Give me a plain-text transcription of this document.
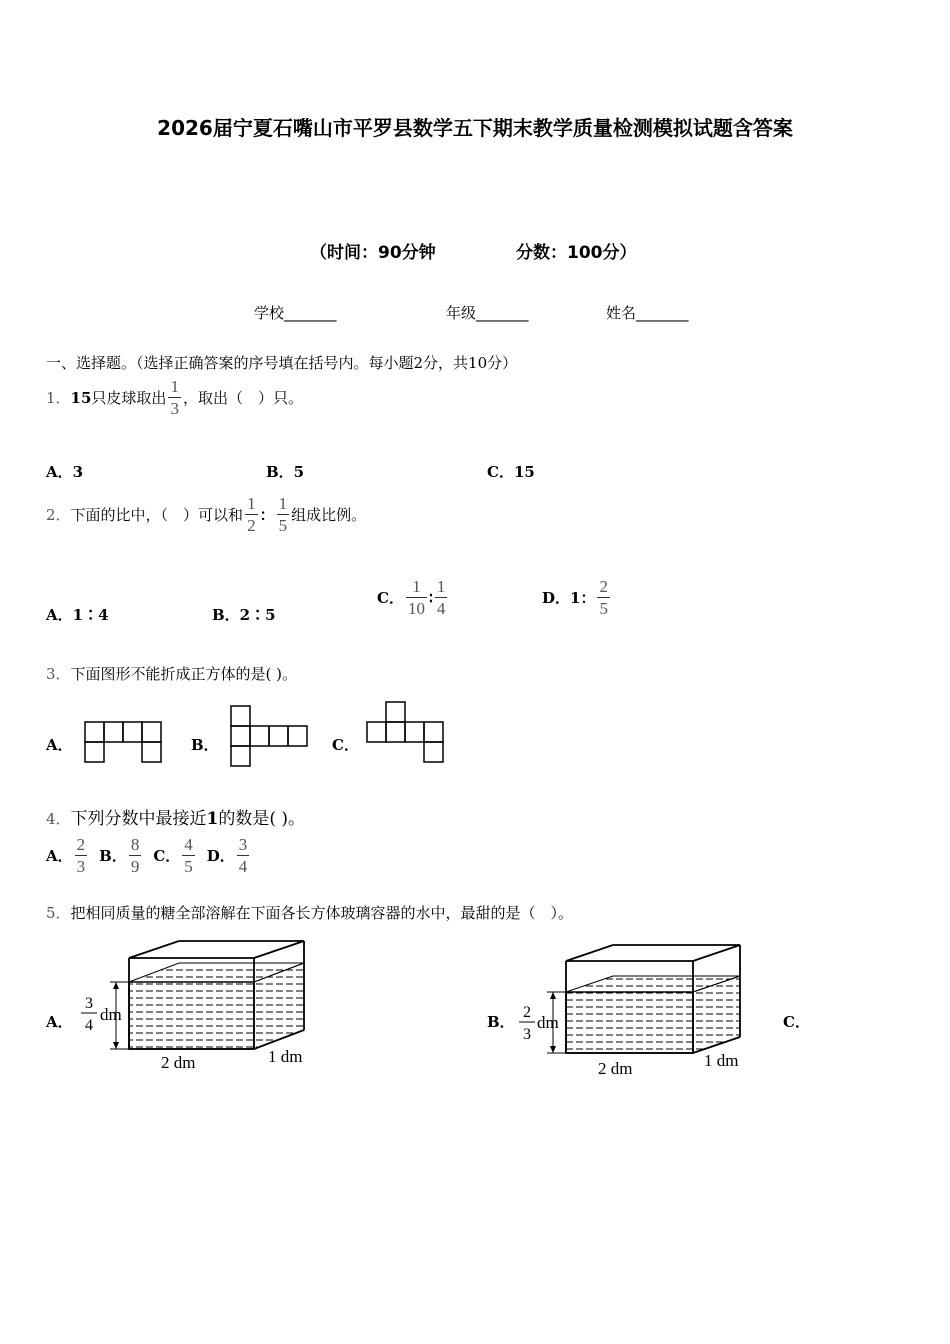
2026届宁夏石嘴山市平罗县数学五下期末教学质量检测模拟试题含答案
（时间：90分钟	分数：100分）
学校_______	年级_______	姓名_______
一、选择题。（选择正确答案的序号填在括号内。每小题2分，共10分）
1． 15 只皮球取出 $\frac{1}{3}$ ，取出（　）只。
A．3	B．5	C．15
2． 下面的比中，（　）可以和 $\frac{1}{2}$ ： $\frac{1}{5}$ 组成比例。
A．1∶4	B．2∶5
C． $\frac{1}{10}$ ∶ $\frac{1}{4}$	D．1： $\frac{2}{5}$
3．下面图形不能折成正方体的是( )。
A．	B．	C．
4．下列分数中最接近1的数是( )。
A． $\frac{2}{3}$ B． $\frac{8}{9}$ C． $\frac{4}{5}$ D． $\frac{3}{4}$
5．把相同质量的糖全部溶解在下面各长方体玻璃容器的水中，最甜的是（　）。
A．
3
4
dm
2 dm	1 dm
B．
2
3
dm
2 dm	1 dm
C．
